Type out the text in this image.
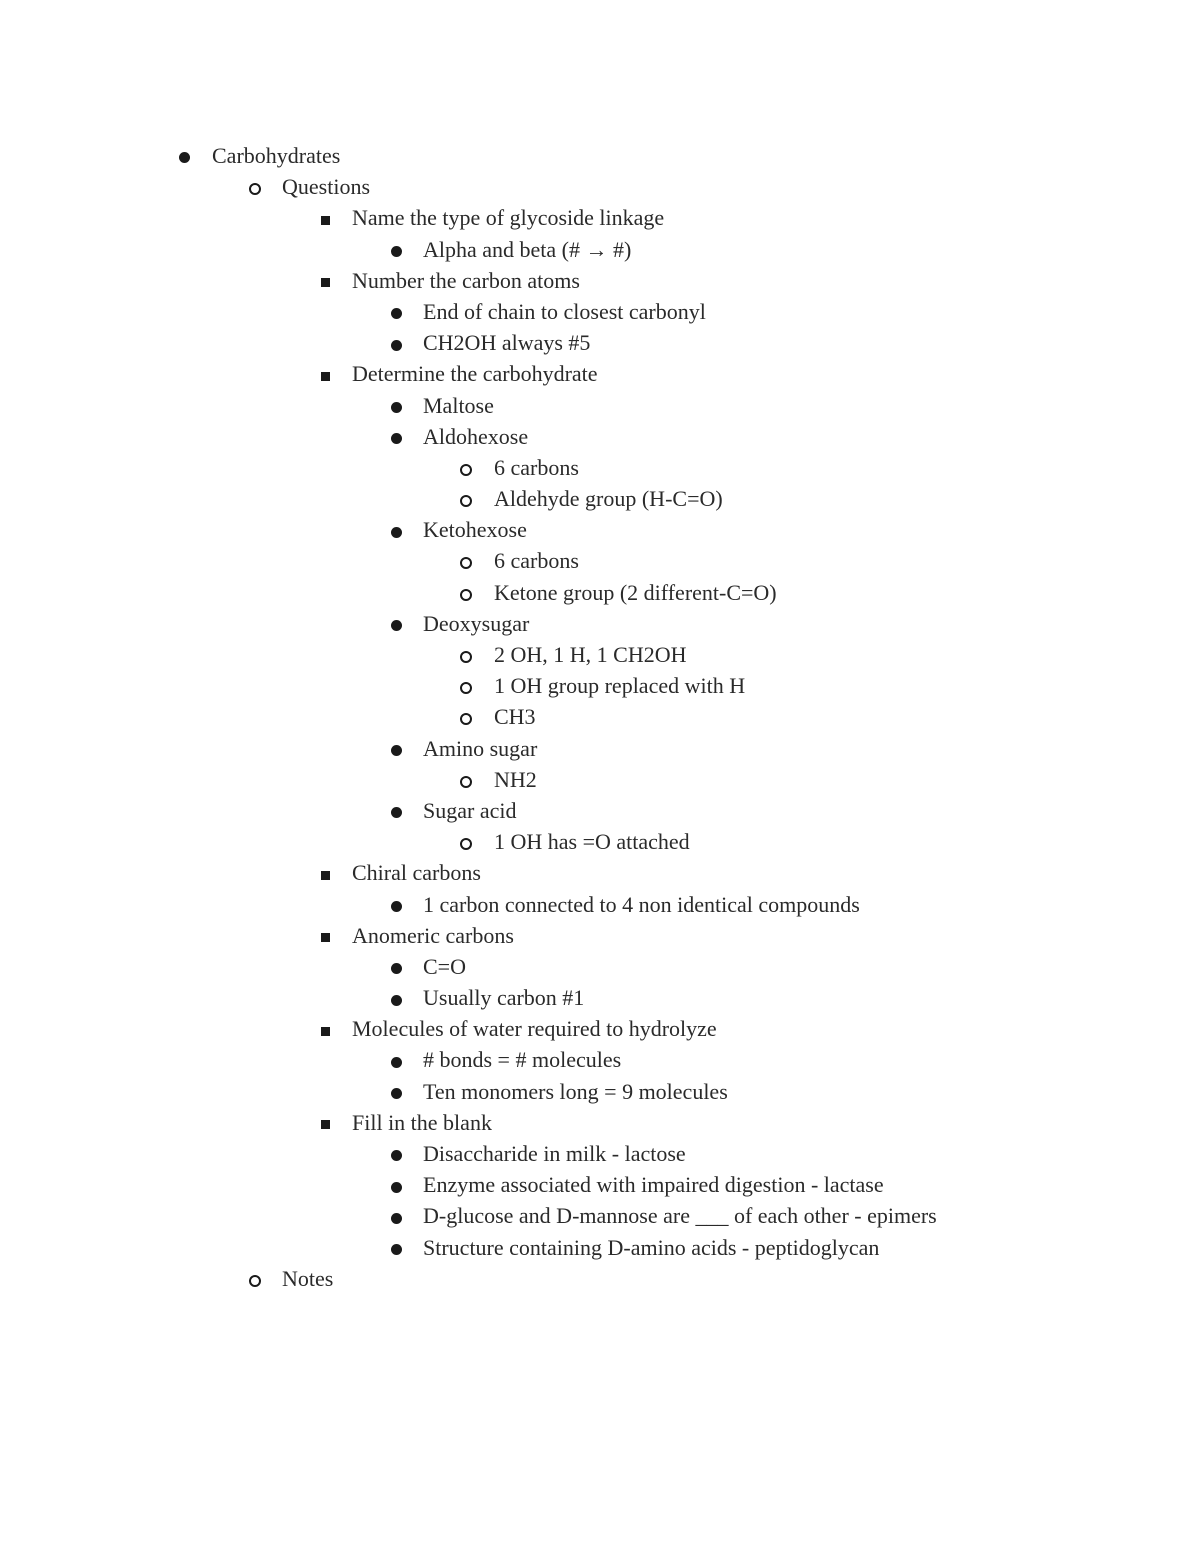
Carbohydrates
Questions
Name the type of glycoside linkage
Alpha and beta (# → #)
Number the carbon atoms
End of chain to closest carbonyl
CH2OH always #5
Determine the carbohydrate
Maltose
Aldohexose
6 carbons
Aldehyde group (H-C=O)
Ketohexose
6 carbons
Ketone group (2 different-C=O)
Deoxysugar
2 OH, 1 H, 1 CH2OH
1 OH group replaced with H
CH3
Amino sugar
NH2
Sugar acid
1 OH has =O attached
Chiral carbons
1 carbon connected to 4 non identical compounds
Anomeric carbons
C=O
Usually carbon #1
Molecules of water required to hydrolyze
# bonds = # molecules
Ten monomers long = 9 molecules
Fill in the blank
Disaccharide in milk - lactose
Enzyme associated with impaired digestion - lactase
D-glucose and D-mannose are ___ of each other - epimers
Structure containing D-amino acids - peptidoglycan
Notes
